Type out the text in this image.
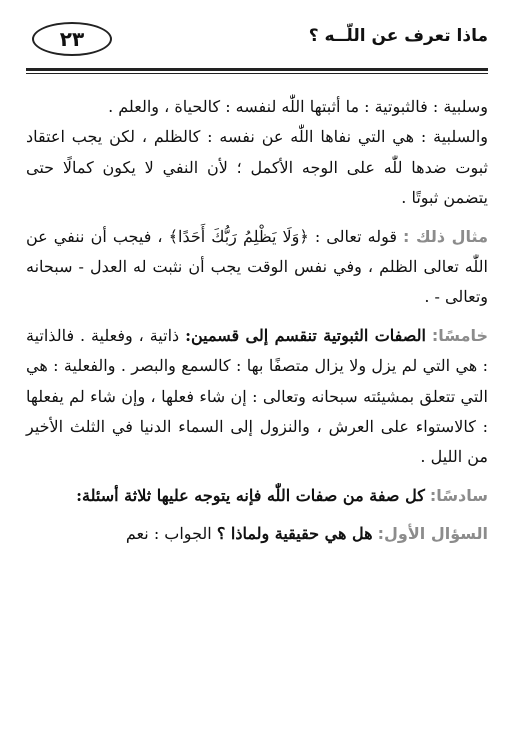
ماذا تعرف عن اللّــه ؟
٢٣

وسلبية : فالثبوتية : ما أثبتها اللّٰه لنفسه : كالحياة ، والعلم .

والسلبية : هي التي نفاها اللّٰه عن نفسه : كالظلم ، لكن يجب اعتقاد ثبوت ضدها للّٰه على الوجه الأكمل ؛ لأن النفي لا يكون كمالًا حتى يتضمن ثبوتًا .

مثال ذلك : قوله تعالى : ﴿وَلَا يَظْلِمُ رَبُّكَ أَحَدًا﴾ ، فيجب أن ننفي عن اللّٰه تعالى الظلم ، وفي نفس الوقت يجب أن نثبت له العدل - سبحانه وتعالى - .

خامسًا: الصفات الثبوتية تنقسم إلى قسمين: ذاتية ، وفعلية . فالذاتية : هي التي لم يزل ولا يزال متصفًا بها : كالسمع والبصر . والفعلية : هي التي تتعلق بمشيئته سبحانه وتعالى : إن شاء فعلها ، وإن شاء لم يفعلها : كالاستواء على العرش ، والنزول إلى السماء الدنيا في الثلث الأخير من الليل .

سادسًا: كل صفة من صفات اللّٰه فإنه يتوجه عليها ثلاثة أسئلة:

السؤال الأول: هل هي حقيقية ولماذا ؟ الجواب : نعم
